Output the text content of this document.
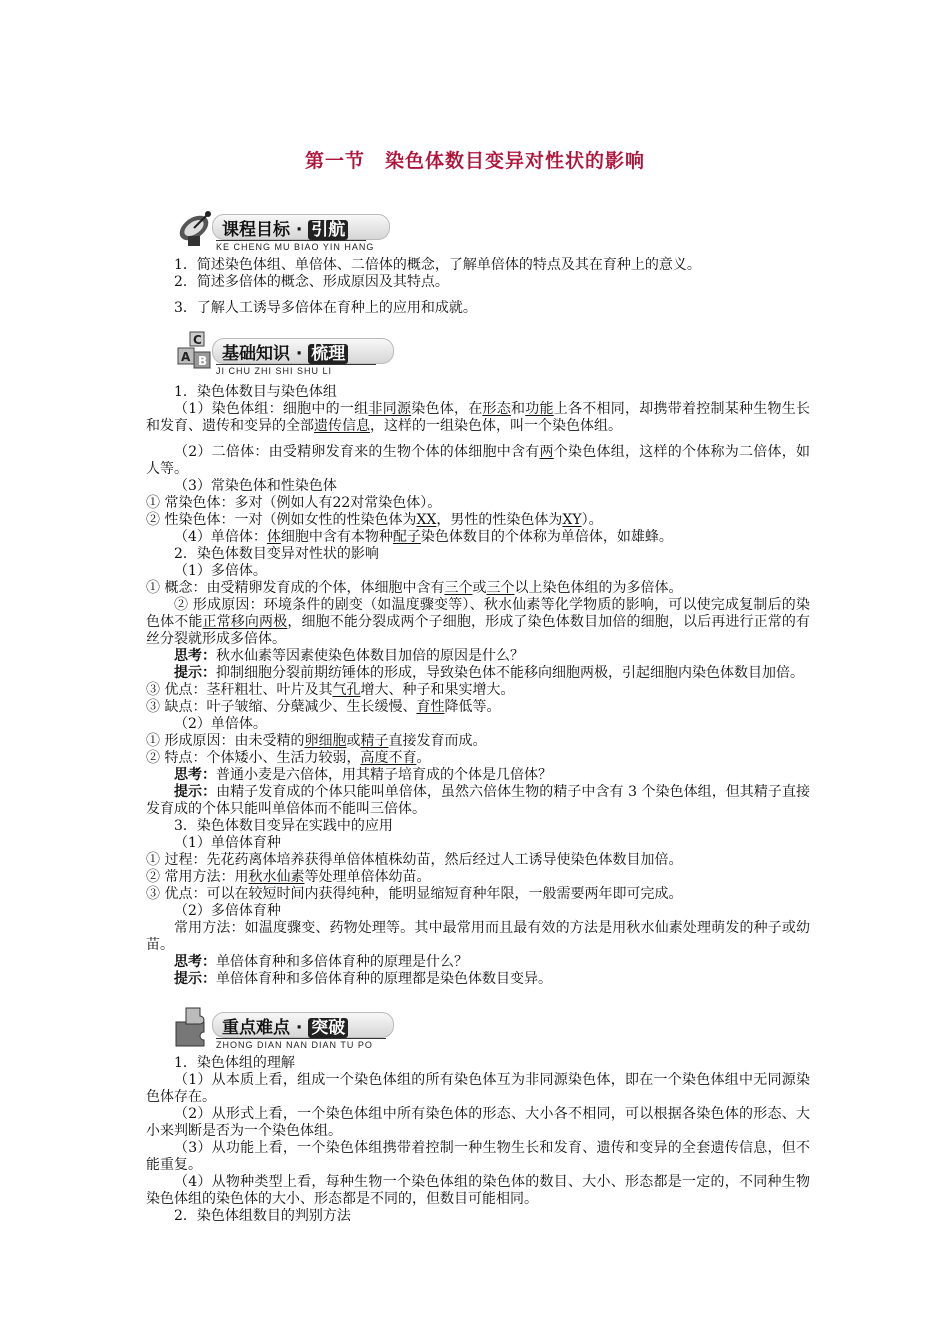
第一节　染色体数目变异对性状的影响
课程目标 · 引航
KE CHENG MU BIAO YIN HANG

1．简述染色体组、单倍体、二倍体的概念，了解单倍体的特点及其在育种上的意义。

2．简述多倍体的概念、形成原因及其特点。

3．了解人工诱导多倍体在育种上的应用和成就。

C
A B 基础知识 · 梳理
JI CHU ZHI SHI SHU LI

1．染色体数目与染色体组

（1）染色体组：细胞中的一组非同源染色体，在形态和功能上各不相同，却携带着控制某种生物生长和发育、遗传和变异的全部遗传信息，这样的一组染色体，叫一个染色体组。

（2）二倍体：由受精卵发育来的生物个体的体细胞中含有两个染色体组，这样的个体称为二倍体，如人等。

（3）常染色体和性染色体

① 常染色体：多对（例如人有22对常染色体）。

② 性染色体：一对（例如女性的性染色体为XX，男性的性染色体为XY）。

（4）单倍体：体细胞中含有本物种配子染色体数目的个体称为单倍体，如雄蜂。

2．染色体数目变异对性状的影响

（1）多倍体。

① 概念：由受精卵发育成的个体，体细胞中含有三个或三个以上染色体组的为多倍体。

② 形成原因：环境条件的剧变（如温度骤变等）、秋水仙素等化学物质的影响，可以使完成复制后的染色体不能正常移向两极，细胞不能分裂成两个子细胞，形成了染色体数目加倍的细胞，以后再进行正常的有丝分裂就形成多倍体。

思考：秋水仙素等因素使染色体数目加倍的原因是什么？

提示：抑制细胞分裂前期纺锤体的形成，导致染色体不能移向细胞两极，引起细胞内染色体数目加倍。

③ 优点：茎秆粗壮、叶片及其气孔增大、种子和果实增大。

③ 缺点：叶子皱缩、分蘖减少、生长缓慢、育性降低等。

（2）单倍体。

① 形成原因：由未受精的卵细胞或精子直接发育而成。

② 特点：个体矮小、生活力较弱，高度不育。

思考：普通小麦是六倍体，用其精子培育成的个体是几倍体？

提示：由精子发育成的个体只能叫单倍体，虽然六倍体生物的精子中含有 3 个染色体组，但其精子直接发育成的个体只能叫单倍体而不能叫三倍体。

3．染色体数目变异在实践中的应用

（1）单倍体育种

① 过程：先花药离体培养获得单倍体植株幼苗，然后经过人工诱导使染色体数目加倍。

② 常用方法：用秋水仙素等处理单倍体幼苗。

③ 优点：可以在较短时间内获得纯种，能明显缩短育种年限，一般需要两年即可完成。

（2）多倍体育种

常用方法：如温度骤变、药物处理等。其中最常用而且最有效的方法是用秋水仙素处理萌发的种子或幼苗。

思考：单倍体育种和多倍体育种的原理是什么？

提示：单倍体育种和多倍体育种的原理都是染色体数目变异。

重点难点 · 突破
ZHONG DIAN NAN DIAN TU PO

1．染色体组的理解

（1）从本质上看，组成一个染色体组的所有染色体互为非同源染色体，即在一个染色体组中无同源染色体存在。

（2）从形式上看，一个染色体组中所有染色体的形态、大小各不相同，可以根据各染色体的形态、大小来判断是否为一个染色体组。

（3）从功能上看，一个染色体组携带着控制一种生物生长和发育、遗传和变异的全套遗传信息，但不能重复。

（4）从物种类型上看，每种生物一个染色体组的染色体的数目、大小、形态都是一定的，不同种生物染色体组的染色体的大小、形态都是不同的，但数目可能相同。

2．染色体组数目的判别方法
